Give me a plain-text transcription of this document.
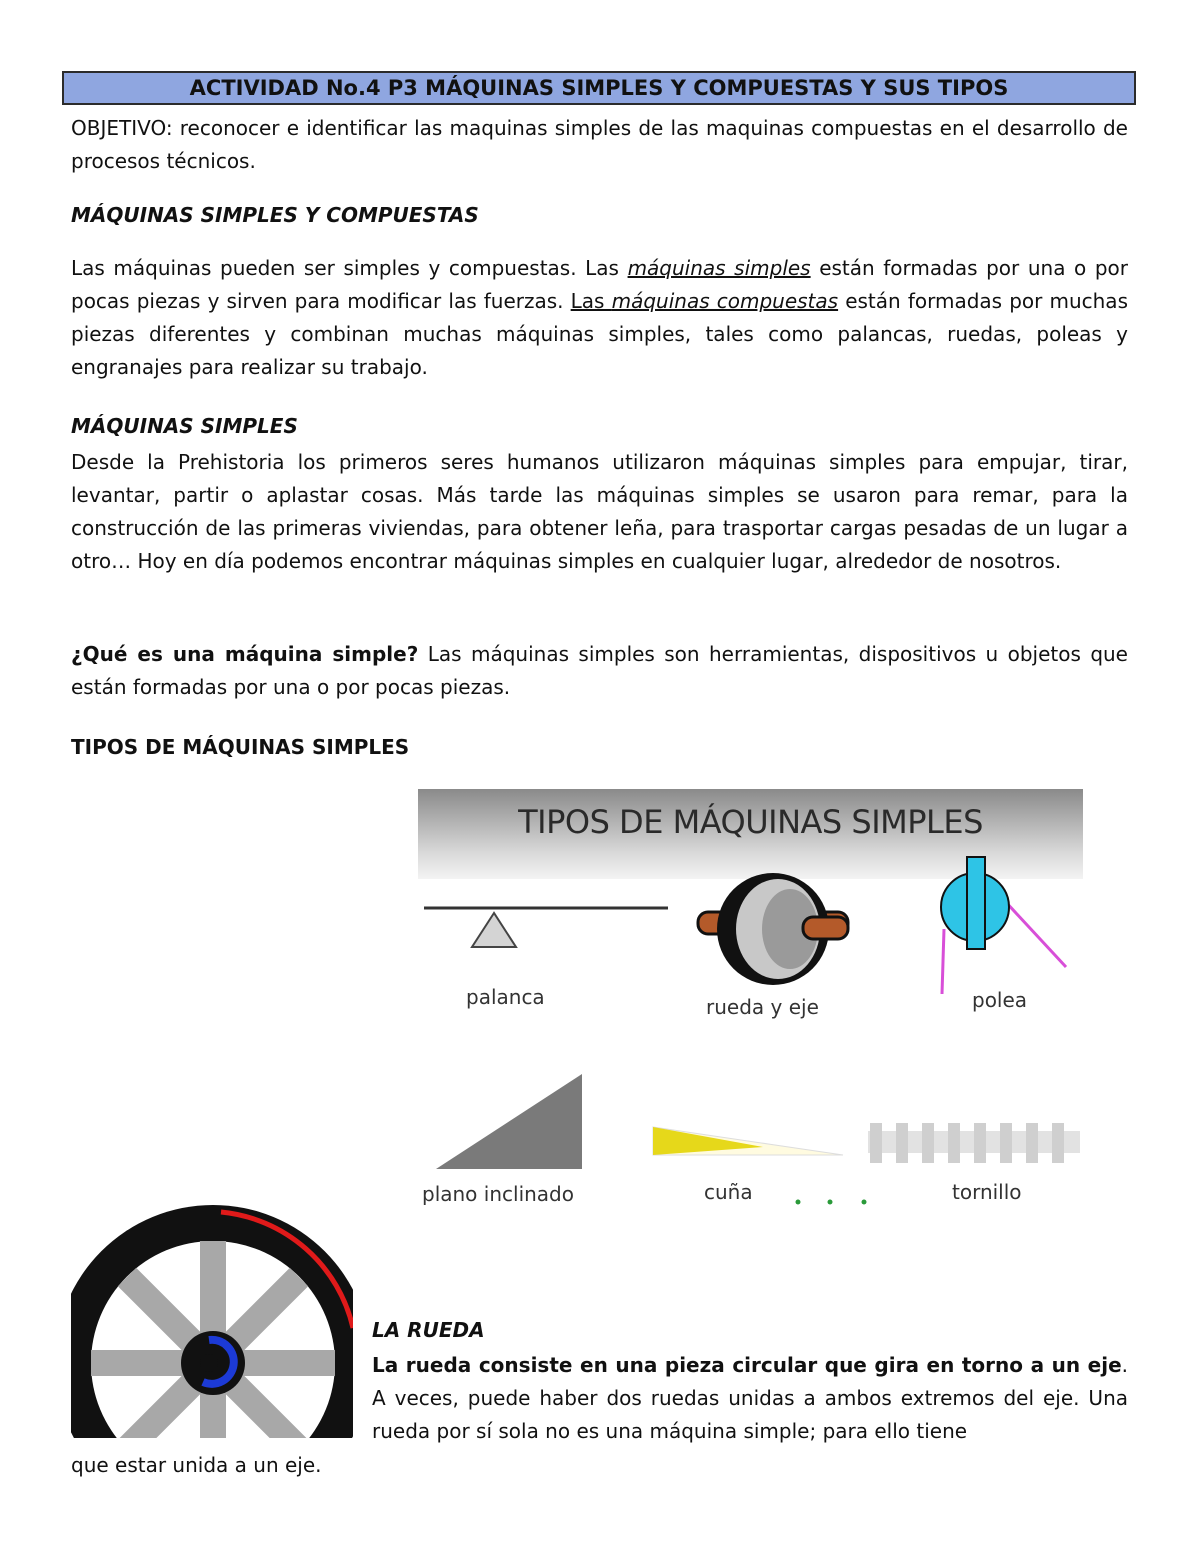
ACTIVIDAD No.4 P3 MÁQUINAS SIMPLES Y COMPUESTAS Y SUS TIPOS

OBJETIVO: reconocer e identificar las maquinas simples de las maquinas compuestas en el desarrollo de procesos técnicos.

MÁQUINAS SIMPLES Y COMPUESTAS

Las máquinas pueden ser simples y compuestas. Las máquinas simples están formadas por una o por pocas piezas y sirven para modificar las fuerzas. Las máquinas compuestas están formadas por muchas piezas diferentes y combinan muchas máquinas simples, tales como palancas, ruedas, poleas y engranajes para realizar su trabajo.

MÁQUINAS SIMPLES

Desde la Prehistoria los primeros seres humanos utilizaron máquinas simples para empujar, tirar, levantar, partir o aplastar cosas. Más tarde las máquinas simples se usaron para remar, para la construcción de las primeras viviendas, para obtener leña, para trasportar cargas pesadas de un lugar a otro… Hoy en día podemos encontrar máquinas simples en cualquier lugar, alrededor de nosotros.

¿Qué es una máquina simple? Las máquinas simples son herramientas, dispositivos u objetos que están formadas por una o por pocas piezas.

TIPOS DE MÁQUINAS SIMPLES

TIPOS DE MÁQUINAS SIMPLES
palanca	rueda y eje	polea
plano inclinado	cuña	tornillo

LA RUEDA

La rueda consiste en una pieza circular que gira en torno a un eje. A veces, puede haber dos ruedas unidas a ambos extremos del eje. Una rueda por sí sola no es una máquina simple; para ello tiene

que estar unida a un eje.
